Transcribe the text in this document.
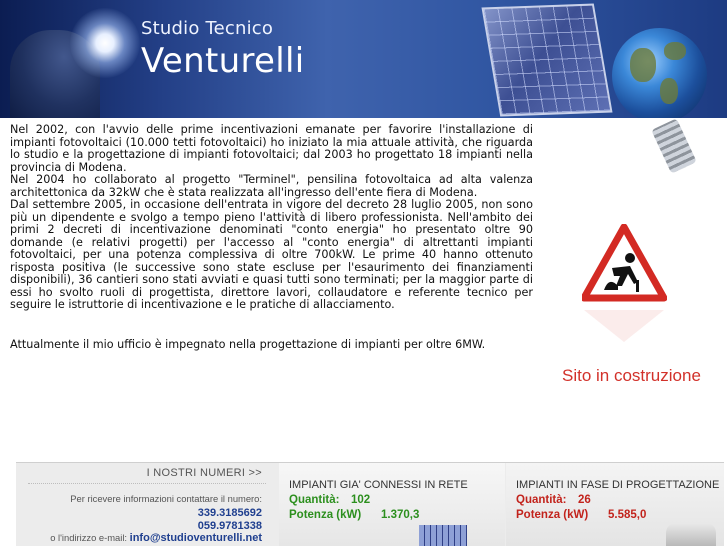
Studio Tecnico
Venturelli

Nel 2002, con l'avvio delle prime incentivazioni emanate per favorire l'installazione di impianti fotovoltaici (10.000 tetti fotovoltaici) ho iniziato la mia attuale attività, che riguarda lo studio e la progettazione di impianti fotovoltaici; dal 2003 ho progettato 18 impianti nella provincia di Modena.

Nel 2004 ho collaborato al progetto "Terminel", pensilina fotovoltaica ad alta valenza architettonica da 32kW che è stata realizzata all'ingresso dell'ente fiera di Modena.

Dal settembre 2005, in occasione dell'entrata in vigore del decreto 28 luglio 2005, non sono più un dipendente e svolgo a tempo pieno l'attività di libero professionista. Nell'ambito dei primi 2 decreti di incentivazione denominati "conto energia" ho presentato oltre 90 domande (e relativi progetti) per l'accesso al "conto energia" di altrettanti impianti fotovoltaici, per una potenza complessiva di oltre 700kW. Le prime 40 hanno ottenuto risposta positiva (le successive sono state escluse per l'esaurimento dei finanziamenti disponibili), 36 cantieri sono stati avviati e quasi tutti sono terminati; per la maggior parte di essi ho svolto ruoli di progettista, direttore lavori, collaudatore e referente tecnico per seguire le istruttorie di incentivazione e le pratiche di allacciamento.

Attualmente il mio ufficio è impegnato nella progettazione di impianti per oltre 6MW.

Sito in costruzione
I NOSTRI NUMERI >>
Per ricevere informazioni contattare il numero:
339.3185692
059.9781338
o l'indirizzo e-mail: info@studioventurelli.net
IMPIANTI GIA' CONNESSI IN RETE
Quantità: 102
Potenza (kW) 1.370,3
IMPIANTI IN FASE DI PROGETTAZIONE
Quantità: 26
Potenza (kW) 5.585,0
